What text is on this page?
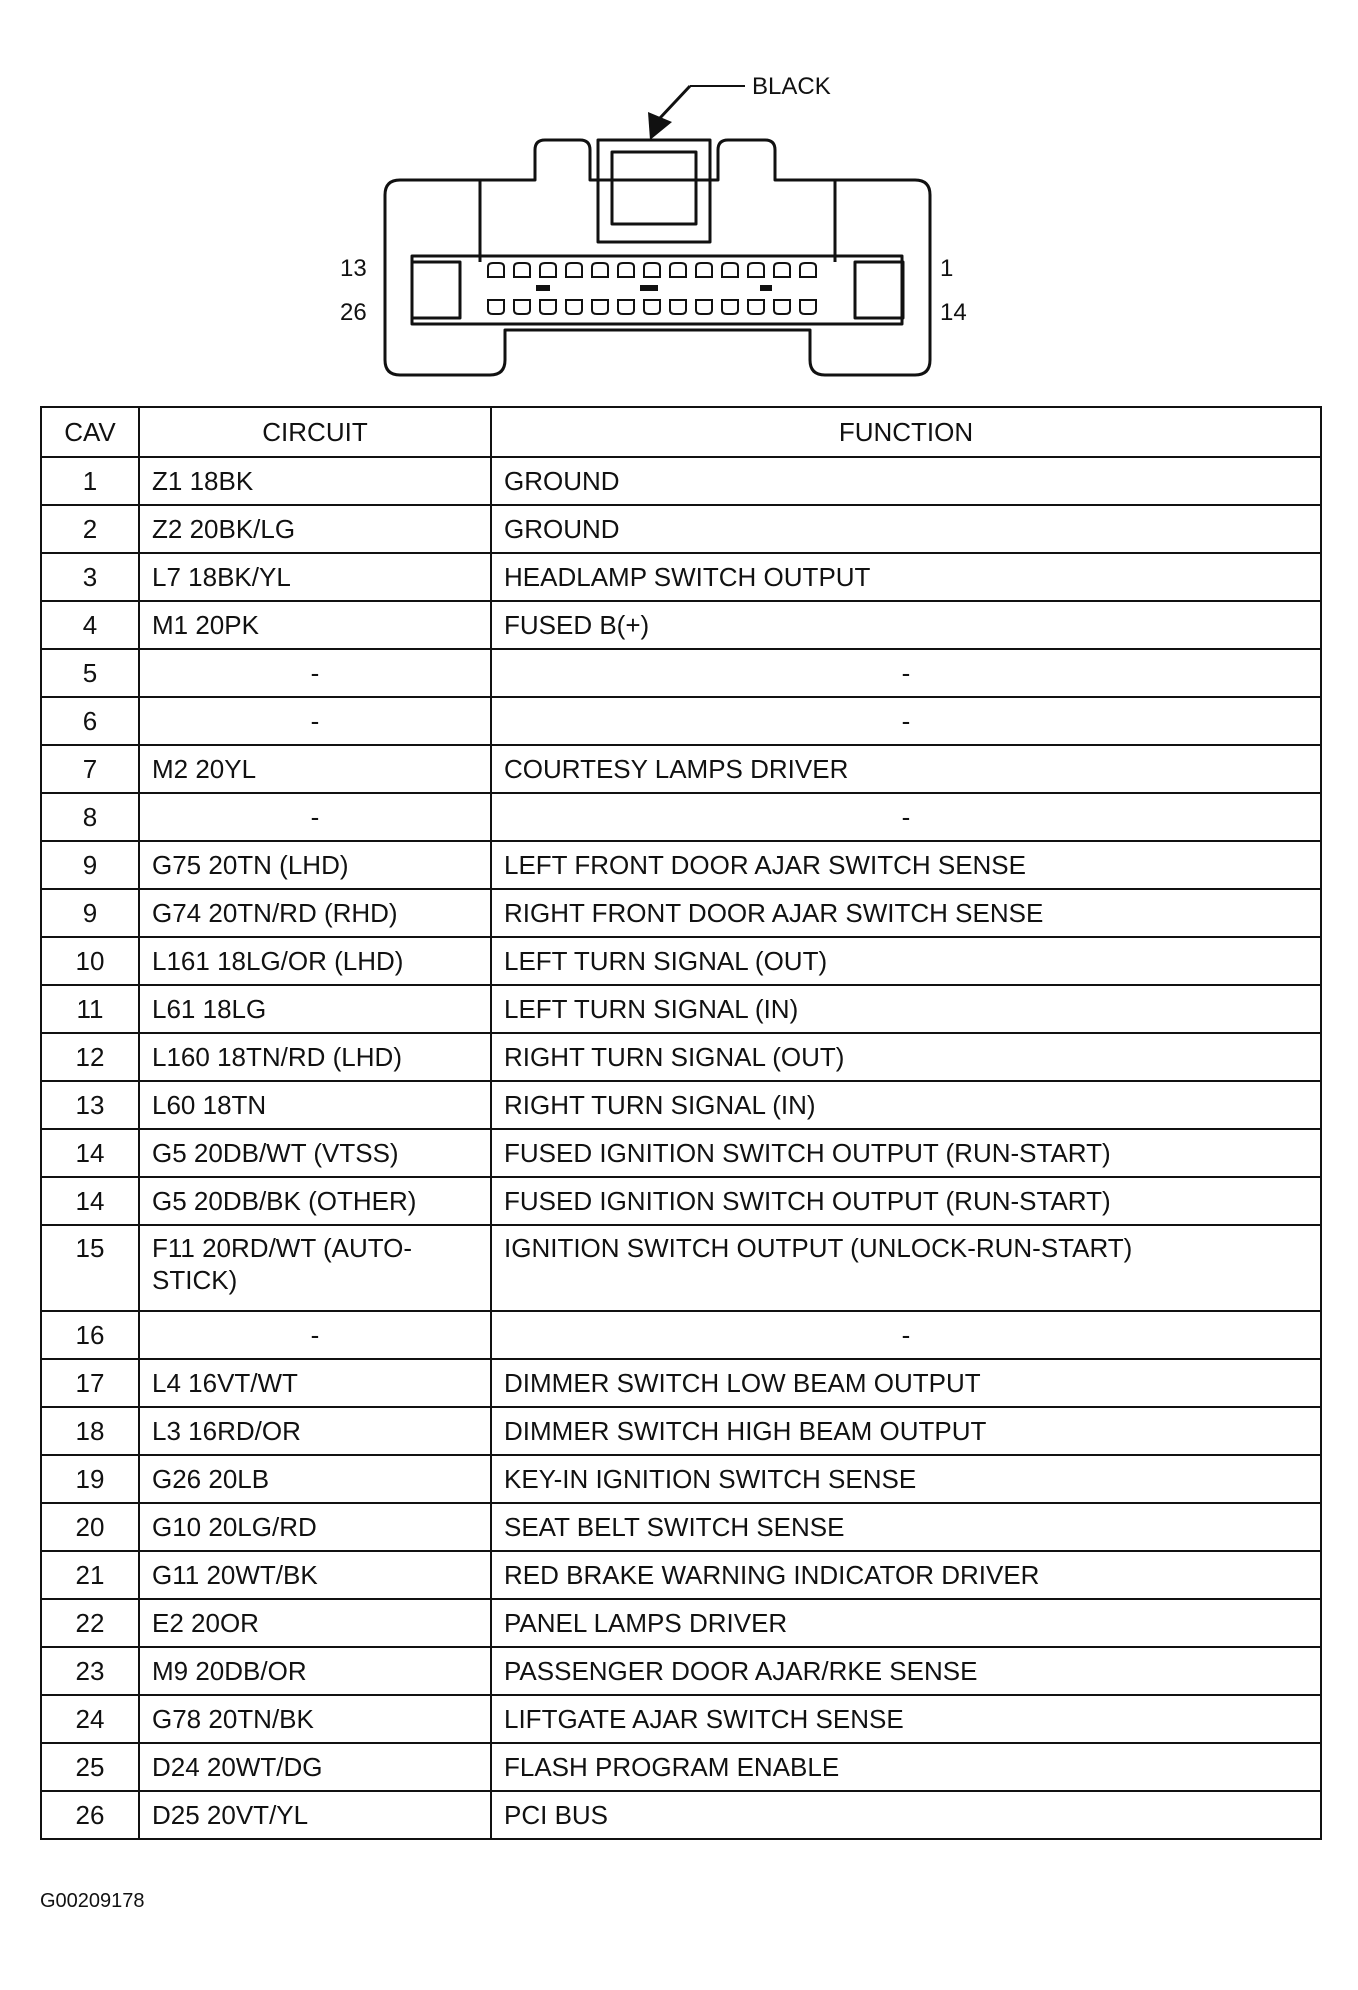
BLACK
13
26
1
14
CAV	CIRCUIT	FUNCTION
1	Z1 18BK	GROUND
2	Z2 20BK/LG	GROUND
3	L7 18BK/YL	HEADLAMP SWITCH OUTPUT
4	M1 20PK	FUSED B(+)
5	-	-
6	-	-
7	M2 20YL	COURTESY LAMPS DRIVER
8	-	-
9	G75 20TN (LHD)	LEFT FRONT DOOR AJAR SWITCH SENSE
9	G74 20TN/RD (RHD)	RIGHT FRONT DOOR AJAR SWITCH SENSE
10	L161 18LG/OR (LHD)	LEFT TURN SIGNAL (OUT)
11	L61 18LG	LEFT TURN SIGNAL (IN)
12	L160 18TN/RD (LHD)	RIGHT TURN SIGNAL (OUT)
13	L60 18TN	RIGHT TURN SIGNAL (IN)
14	G5 20DB/WT (VTSS)	FUSED IGNITION SWITCH OUTPUT (RUN-START)
14	G5 20DB/BK (OTHER)	FUSED IGNITION SWITCH OUTPUT (RUN-START)
15	F11 20RD/WT (AUTO-STICK)	IGNITION SWITCH OUTPUT (UNLOCK-RUN-START)
16	-	-
17	L4 16VT/WT	DIMMER SWITCH LOW BEAM OUTPUT
18	L3 16RD/OR	DIMMER SWITCH HIGH BEAM OUTPUT
19	G26 20LB	KEY-IN IGNITION SWITCH SENSE
20	G10 20LG/RD	SEAT BELT SWITCH SENSE
21	G11 20WT/BK	RED BRAKE WARNING INDICATOR DRIVER
22	E2 20OR	PANEL LAMPS DRIVER
23	M9 20DB/OR	PASSENGER DOOR AJAR/RKE SENSE
24	G78 20TN/BK	LIFTGATE AJAR SWITCH SENSE
25	D24 20WT/DG	FLASH PROGRAM ENABLE
26	D25 20VT/YL	PCI BUS
G00209178
